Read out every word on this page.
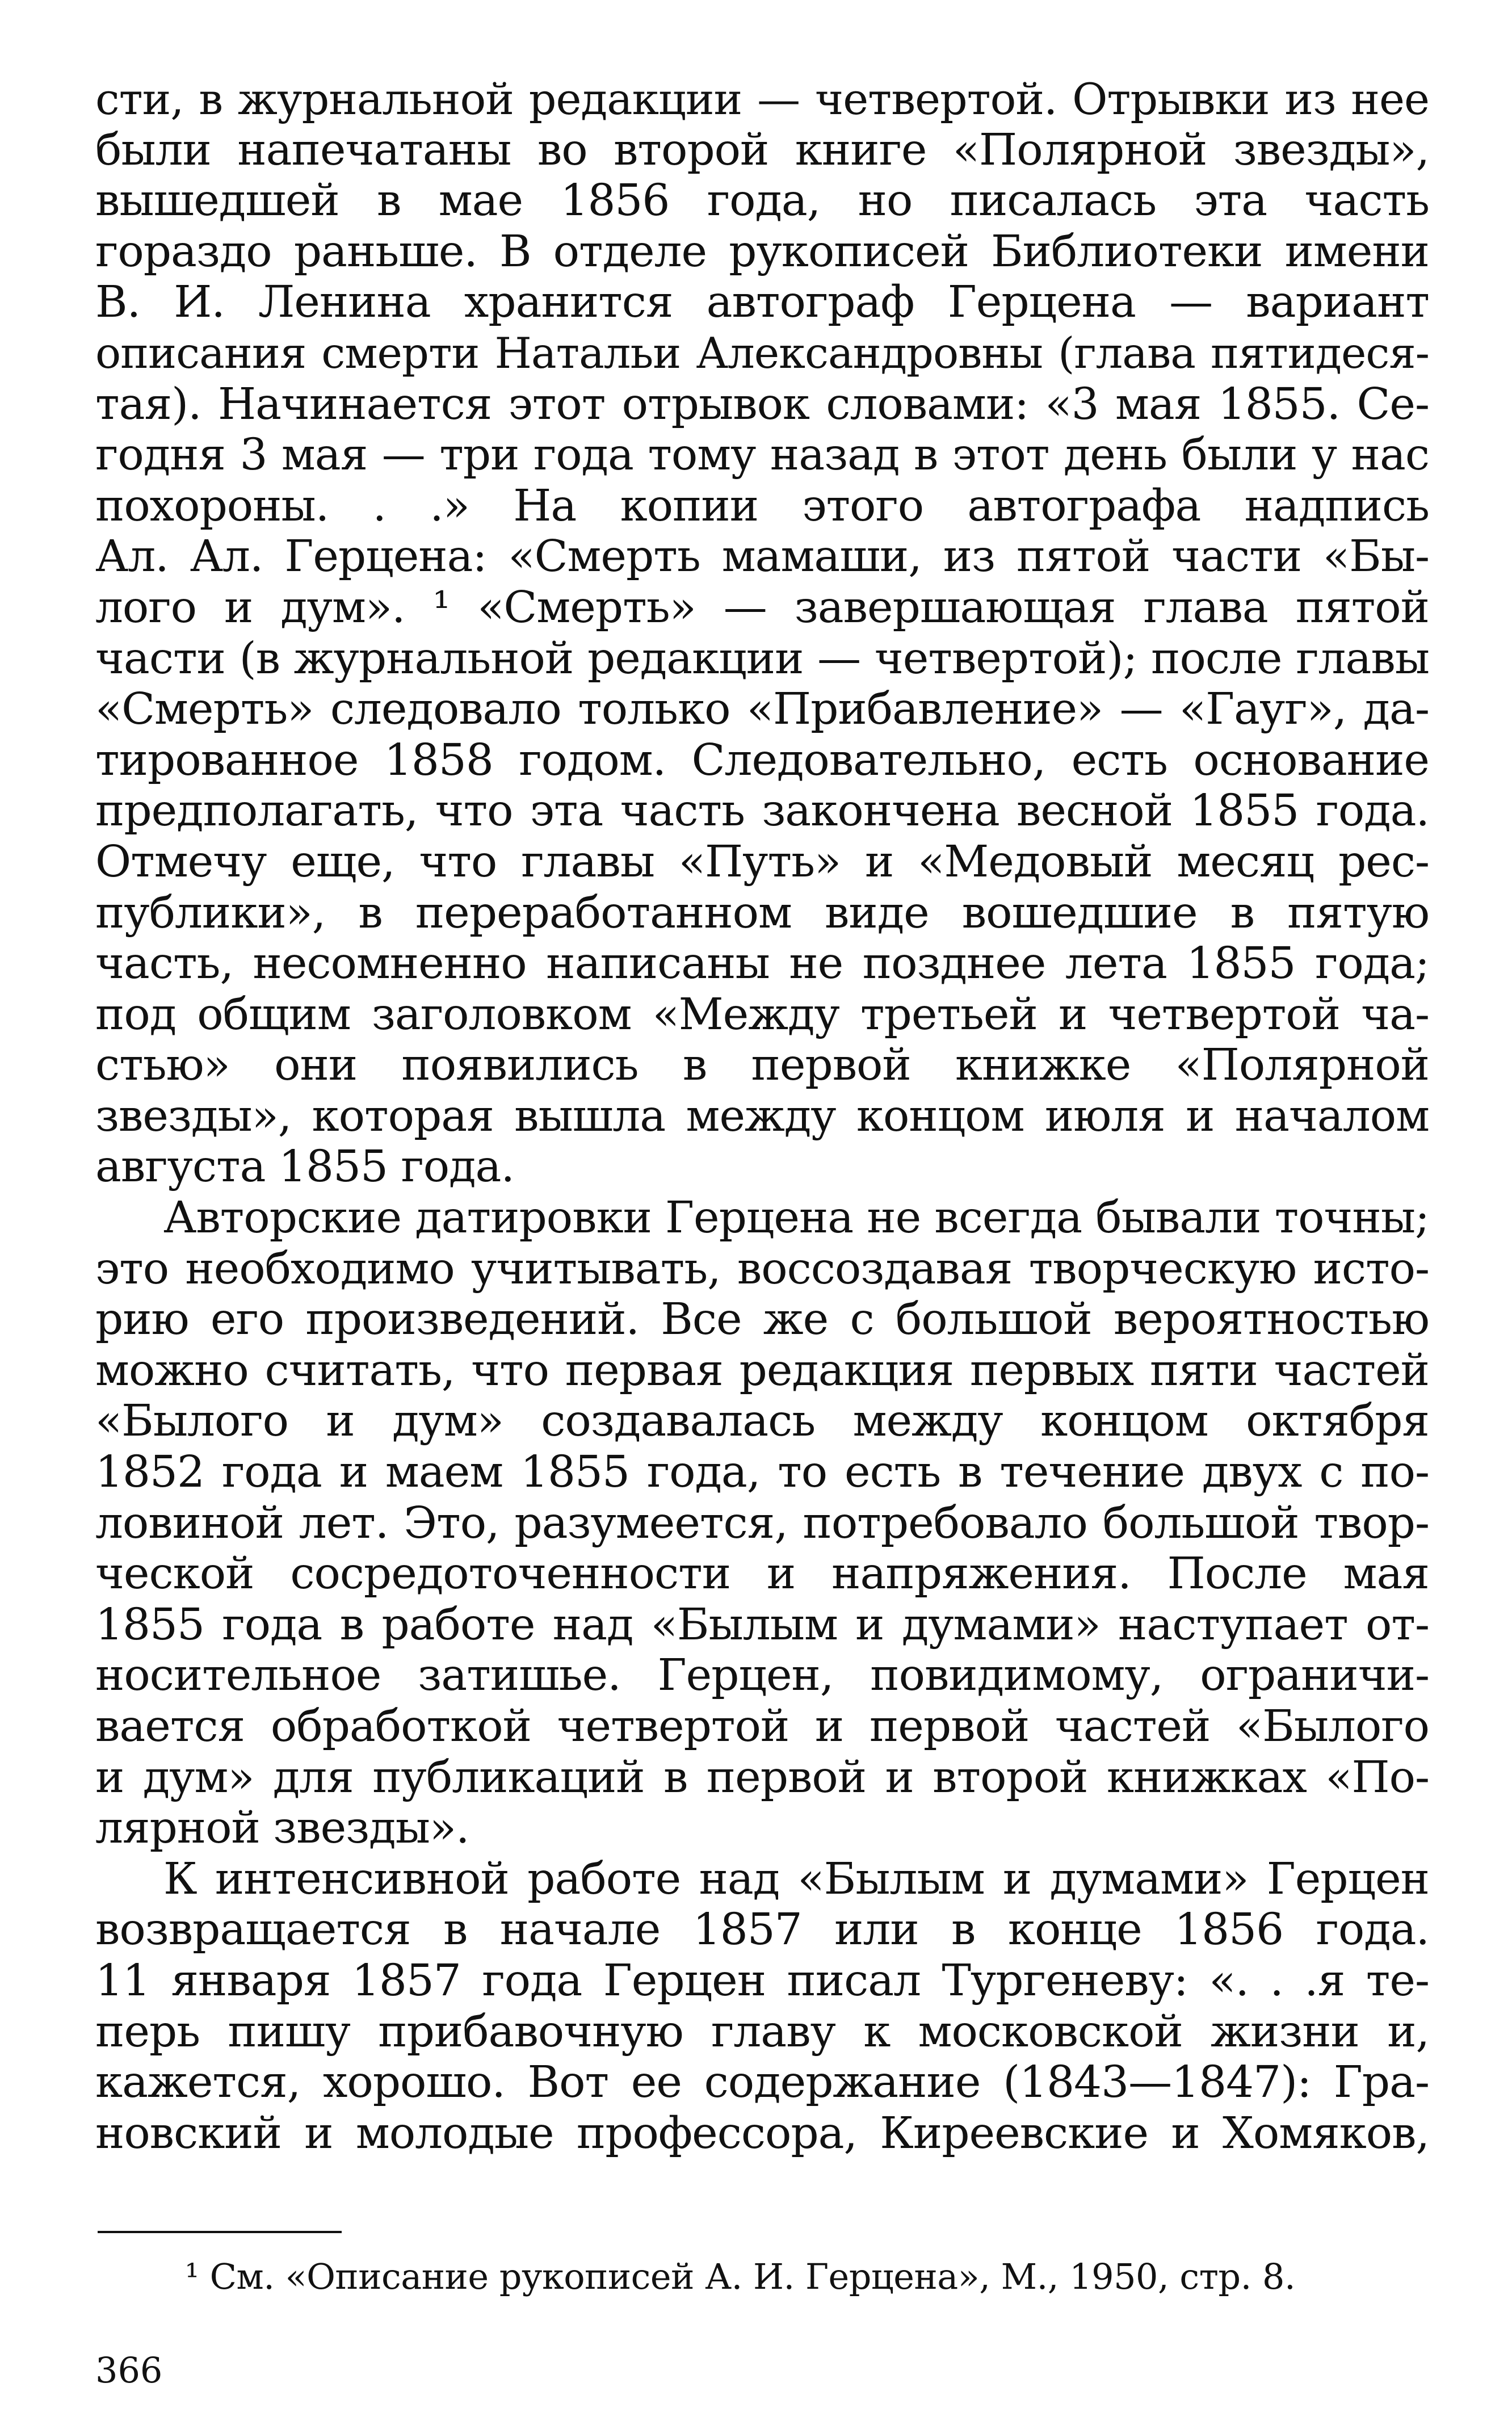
сти, в журнальной редакции — четвертой. Отрывки из нее
были напечатаны во второй книге «Полярной звезды»,
вышедшей в мае 1856 года, но писалась эта часть
гораздо раньше. В отделе рукописей Библиотеки имени
В. И. Ленина хранится автограф Герцена — вариант
описания смерти Натальи Александровны (глава пятидеся-
тая). Начинается этот отрывок словами: «3 мая 1855. Се-
годня 3 мая — три года тому назад в этот день были у нас
похороны. . .» На копии этого автографа надпись
Ал. Ал. Герцена: «Смерть мамаши, из пятой части «Бы-
лого и дум». ¹ «Смерть» — завершающая глава пятой
части (в журнальной редакции — четвертой); после главы
«Смерть» следовало только «Прибавление» — «Гауг», да-
тированное 1858 годом. Следовательно, есть основание
предполагать, что эта часть закончена весной 1855 года.
Отмечу еще, что главы «Путь» и «Медовый месяц рес-
публики», в переработанном виде вошедшие в пятую
часть, несомненно написаны не позднее лета 1855 года;
под общим заголовком «Между третьей и четвертой ча-
стью» они появились в первой книжке «Полярной
звезды», которая вышла между концом июля и началом
августа 1855 года.
Авторские датировки Герцена не всегда бывали точны;
это необходимо учитывать, воссоздавая творческую исто-
рию его произведений. Все же с большой вероятностью
можно считать, что первая редакция первых пяти частей
«Былого и дум» создавалась между концом октября
1852 года и маем 1855 года, то есть в течение двух с по-
ловиной лет. Это, разумеется, потребовало большой твор-
ческой сосредоточенности и напряжения. После мая
1855 года в работе над «Былым и думами» наступает от-
носительное затишье. Герцен, повидимому, ограничи-
вается обработкой четвертой и первой частей «Былого
и дум» для публикаций в первой и второй книжках «По-
лярной звезды».
К интенсивной работе над «Былым и думами» Герцен
возвращается в начале 1857 или в конце 1856 года.
11 января 1857 года Герцен писал Тургеневу: «. . .я те-
перь пишу прибавочную главу к московской жизни и,
кажется, хорошо. Вот ее содержание (1843—1847): Гра-
новский и молодые профессора, Киреевские и Хомяков,
¹ См. «Описание рукописей А. И. Герцена», М., 1950, стр. 8.
366
